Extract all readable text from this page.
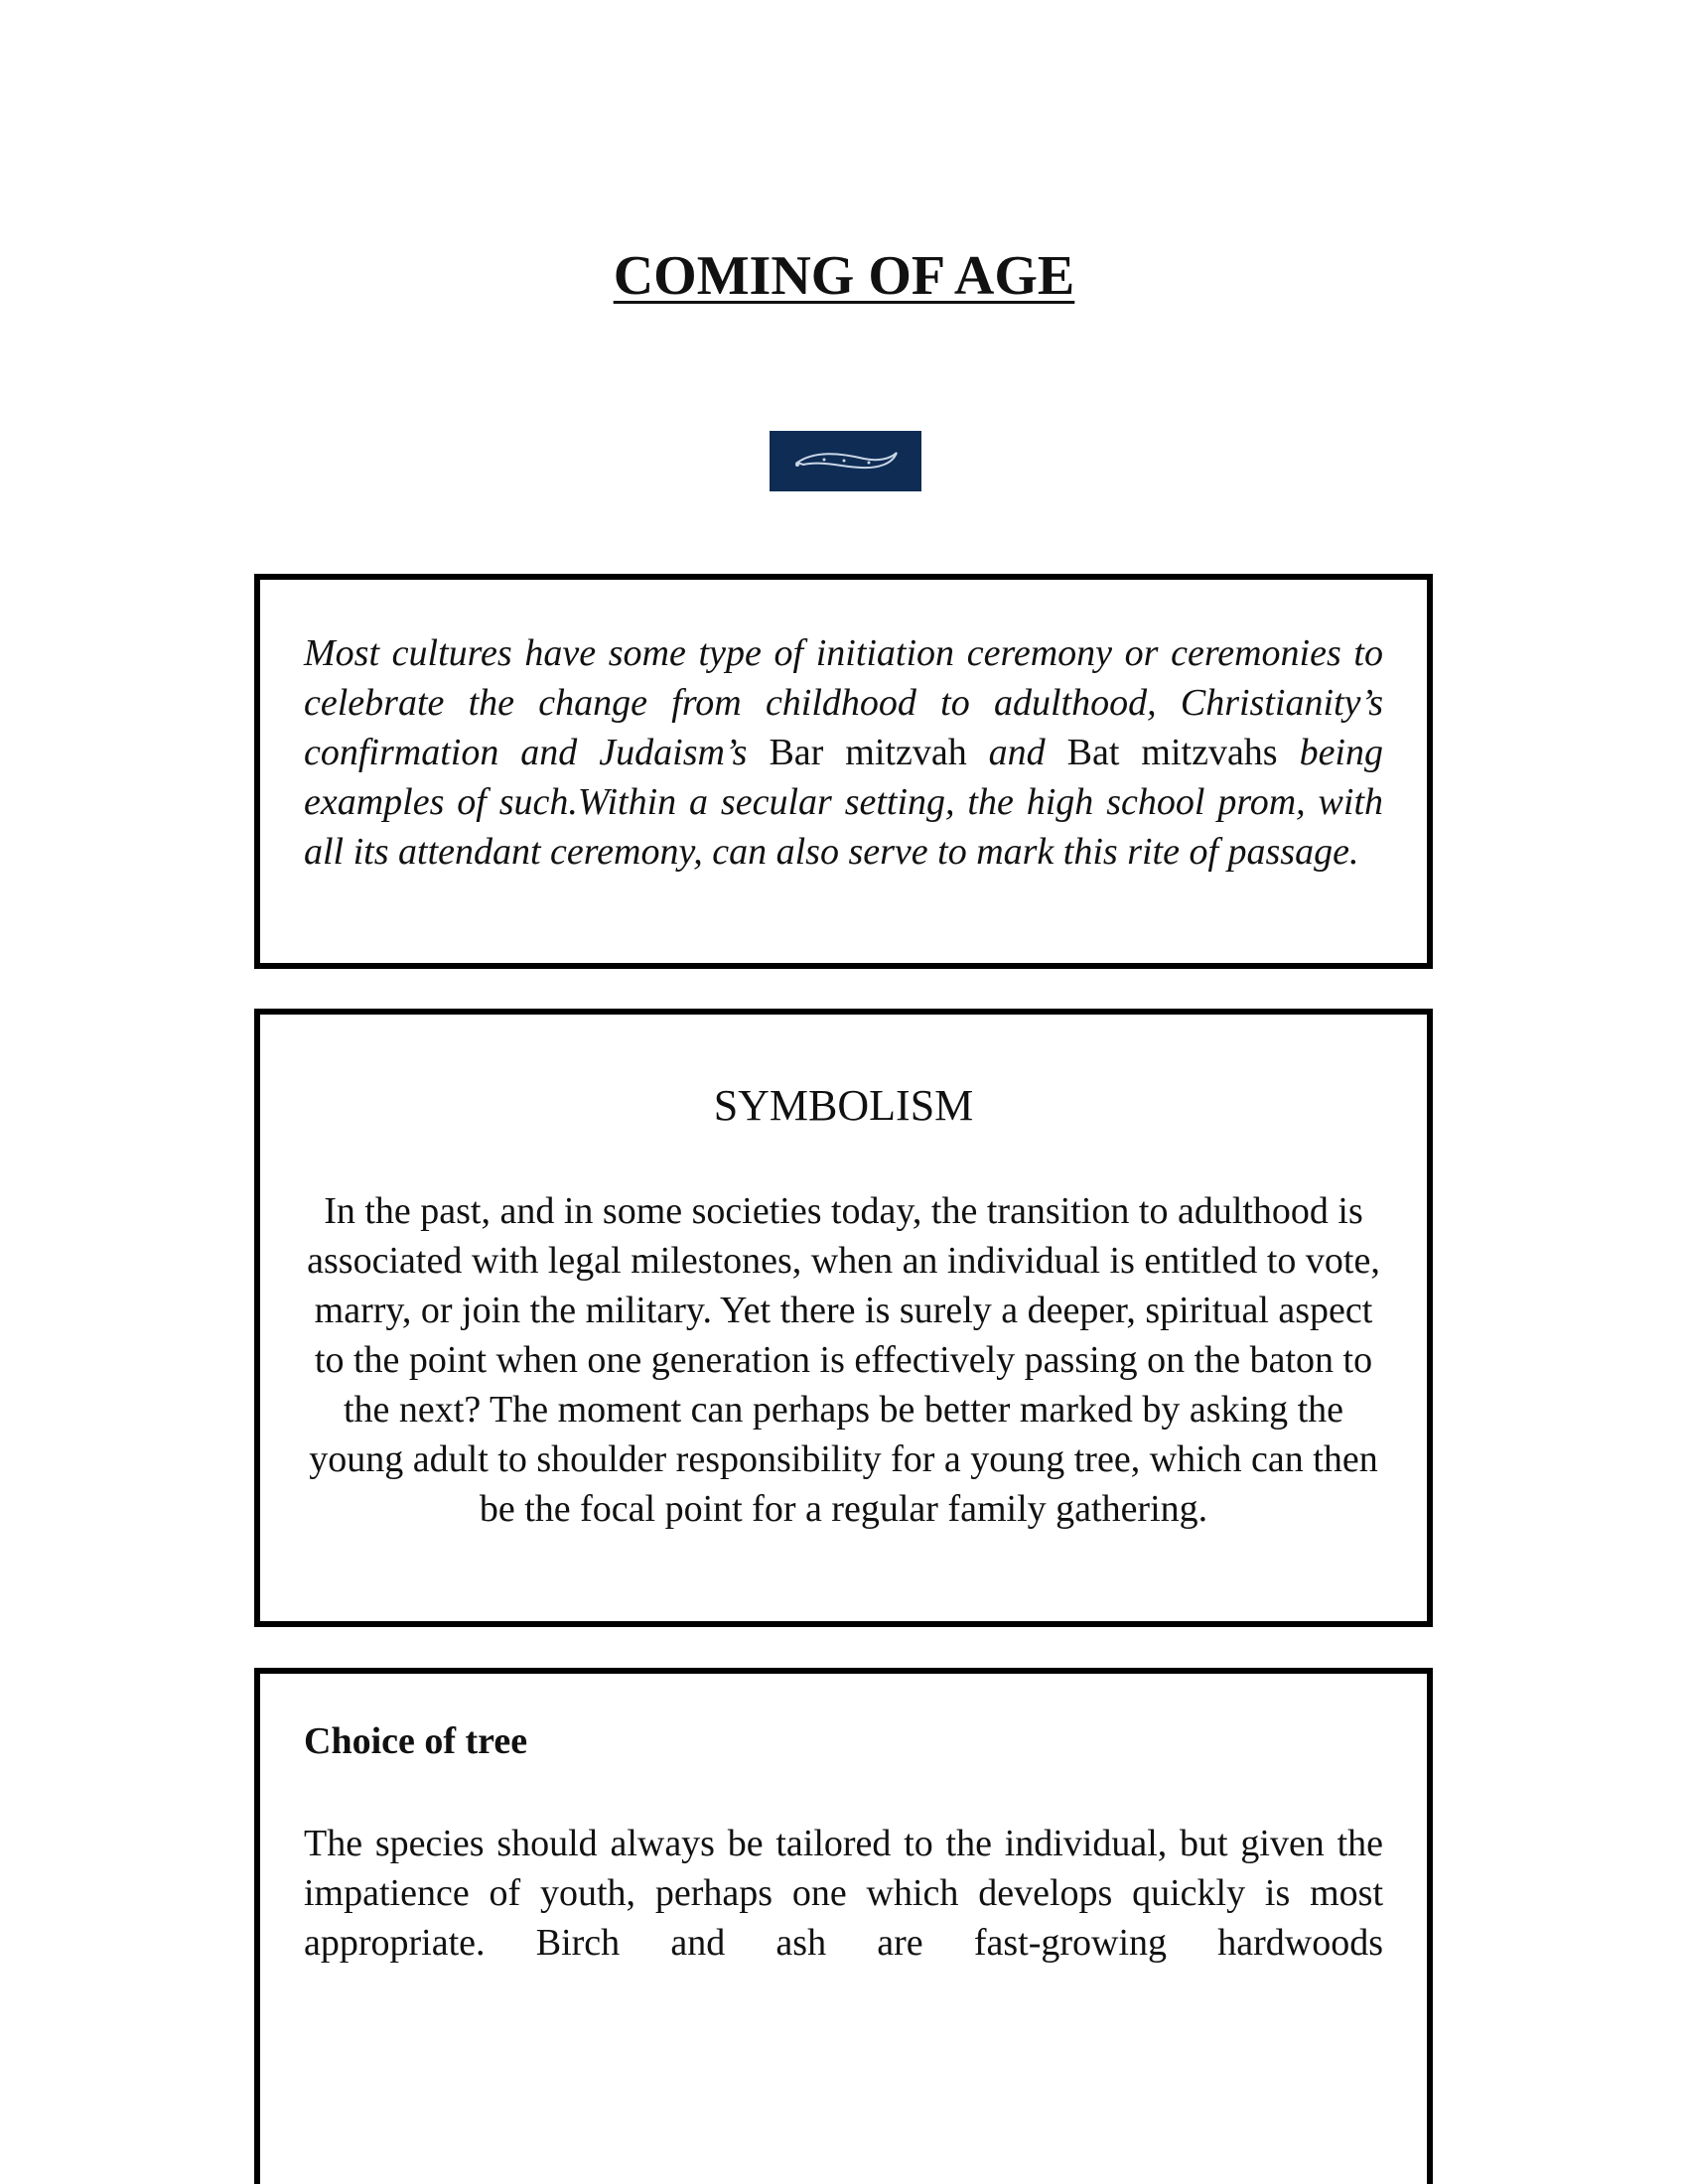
COMING OF AGE

Most cultures have some type of initiation ceremony or ceremonies to celebrate the change from childhood to adulthood, Christianity’s confirmation and Judaism’s Bar mitzvah and Bat mitzvahs being examples of such.Within a secular setting, the high school prom, with all its attendant ceremony, can also serve to mark this rite of passage.

SYMBOLISM

In the past, and in some societies today, the transition to adulthood is associated with legal milestones, when an individual is entitled to vote, marry, or join the military. Yet there is surely a deeper, spiritual aspect to the point when one generation is effectively passing on the baton to the next? The moment can perhaps be better marked by asking the young adult to shoulder responsibility for a young tree, which can then be the focal point for a regular family gathering.

Choice of tree

The species should always be tailored to the individual, but given the impatience of youth, perhaps one which develops quickly is most appropriate. Birch and ash are fast-growing hardwoods
